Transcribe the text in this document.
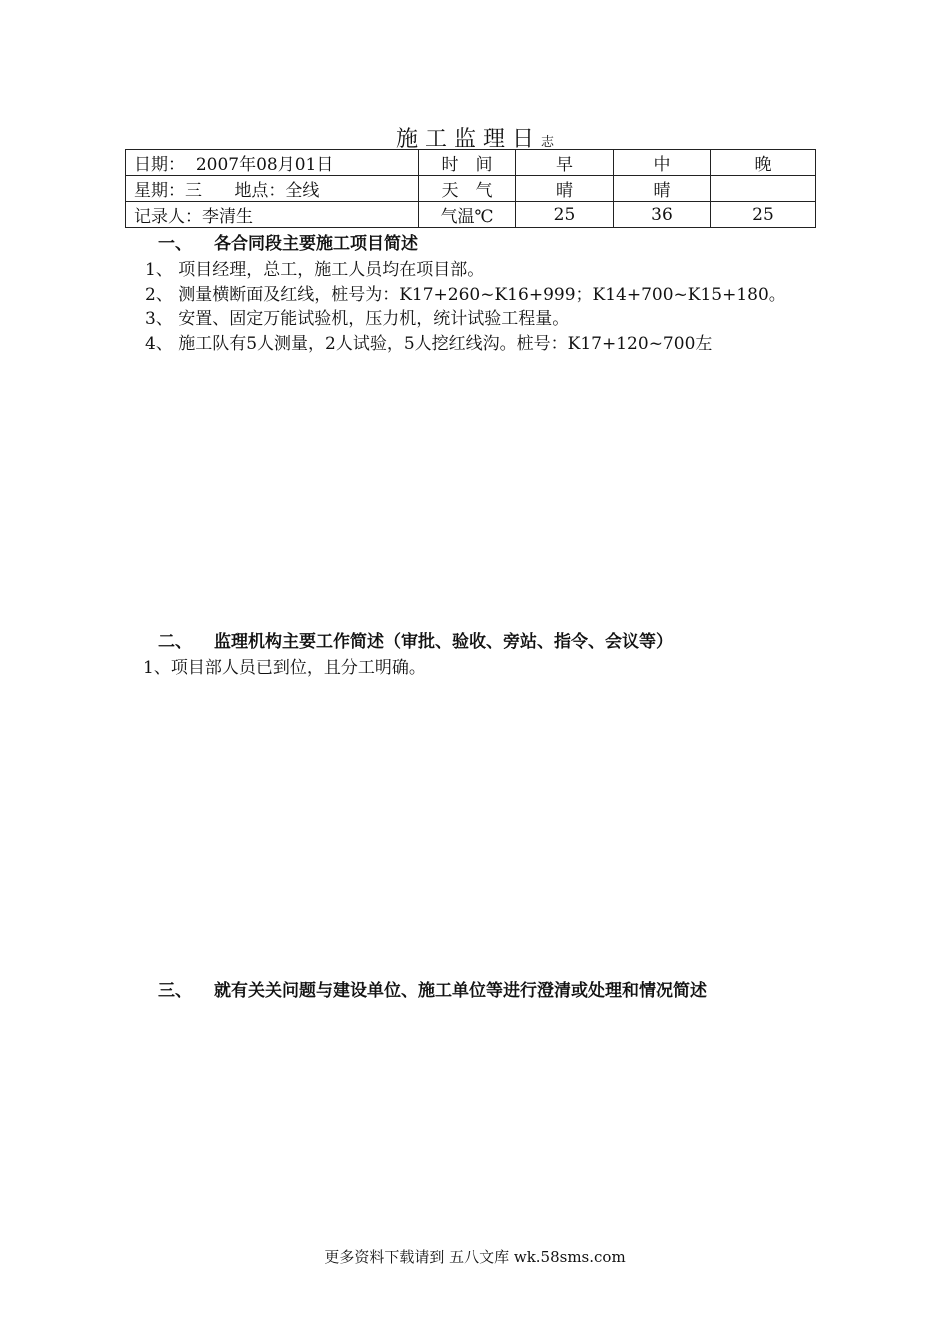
施工监理日志
日期： 2007年08月01日	时　间	早	中	晚
星期：三 地点：全线	天　气	晴	晴	
记录人：李清生	气温℃	25	36	25
一、 各合同段主要施工项目简述
1、 项目经理，总工，施工人员均在项目部。
2、 测量横断面及红线，桩号为：K17+260~K16+999；K14+700~K15+180。
3、 安置、固定万能试验机，压力机，统计试验工程量。
4、 施工队有5人测量，2人试验，5人挖红线沟。桩号：K17+120~700左
二、 监理机构主要工作简述（审批、验收、旁站、指令、会议等）
1、项目部人员已到位，且分工明确。
三、 就有关关问题与建设单位、施工单位等进行澄清或处理和情况简述
更多资料下载请到 五八文库 wk.58sms.com
